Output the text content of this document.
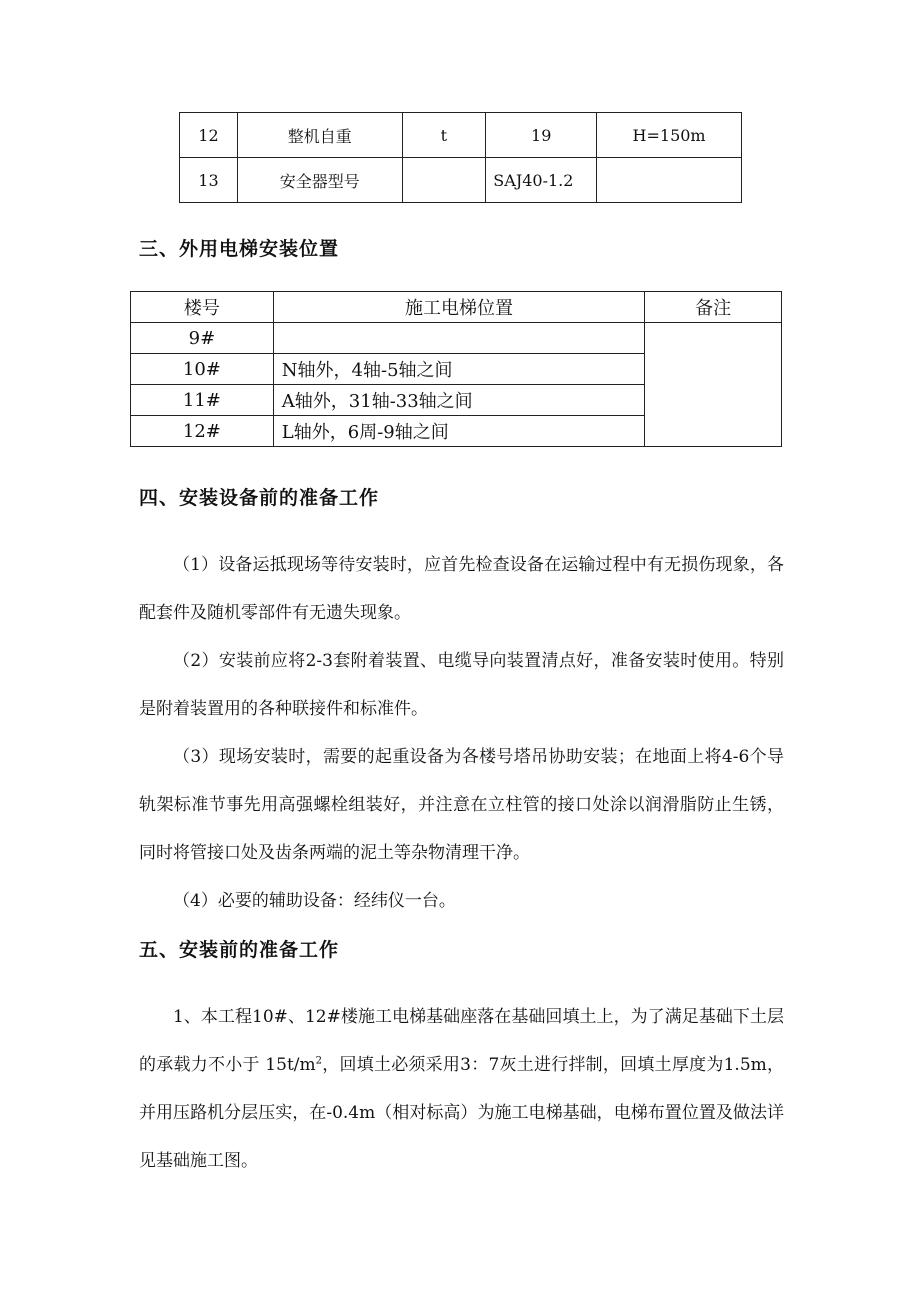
12	整机自重	t	19	H=150m
13	安全器型号		SAJ40-1.2	
三、外用电梯安装位置
楼号	施工电梯位置	备注
9#		
10#	N轴外，4轴-5轴之间	
11#	A轴外，31轴-33轴之间	
12#	L轴外，6周-9轴之间	
四、安装设备前的准备工作

（1）设备运抵现场等待安装时，应首先检查设备在运输过程中有无损伤现象，各配套件及随机零部件有无遗失现象。

（2）安装前应将2-3套附着装置、电缆导向装置清点好，准备安装时使用。特别是附着装置用的各种联接件和标准件。

（3）现场安装时，需要的起重设备为各楼号塔吊协助安装；在地面上将4-6个导轨架标准节事先用高强螺栓组装好，并注意在立柱管的接口处涂以润滑脂防止生锈，同时将管接口处及齿条两端的泥土等杂物清理干净。

（4）必要的辅助设备：经纬仪一台。

五、安装前的准备工作

1、本工程10#、12#楼施工电梯基础座落在基础回填土上，为了满足基础下土层的承载力不小于 $15t/m^2$，回填土必须采用3：7灰土进行拌制，回填土厚度为1.5m，并用压路机分层压实，在-0.4m（相对标高）为施工电梯基础，电梯布置位置及做法详见基础施工图。
